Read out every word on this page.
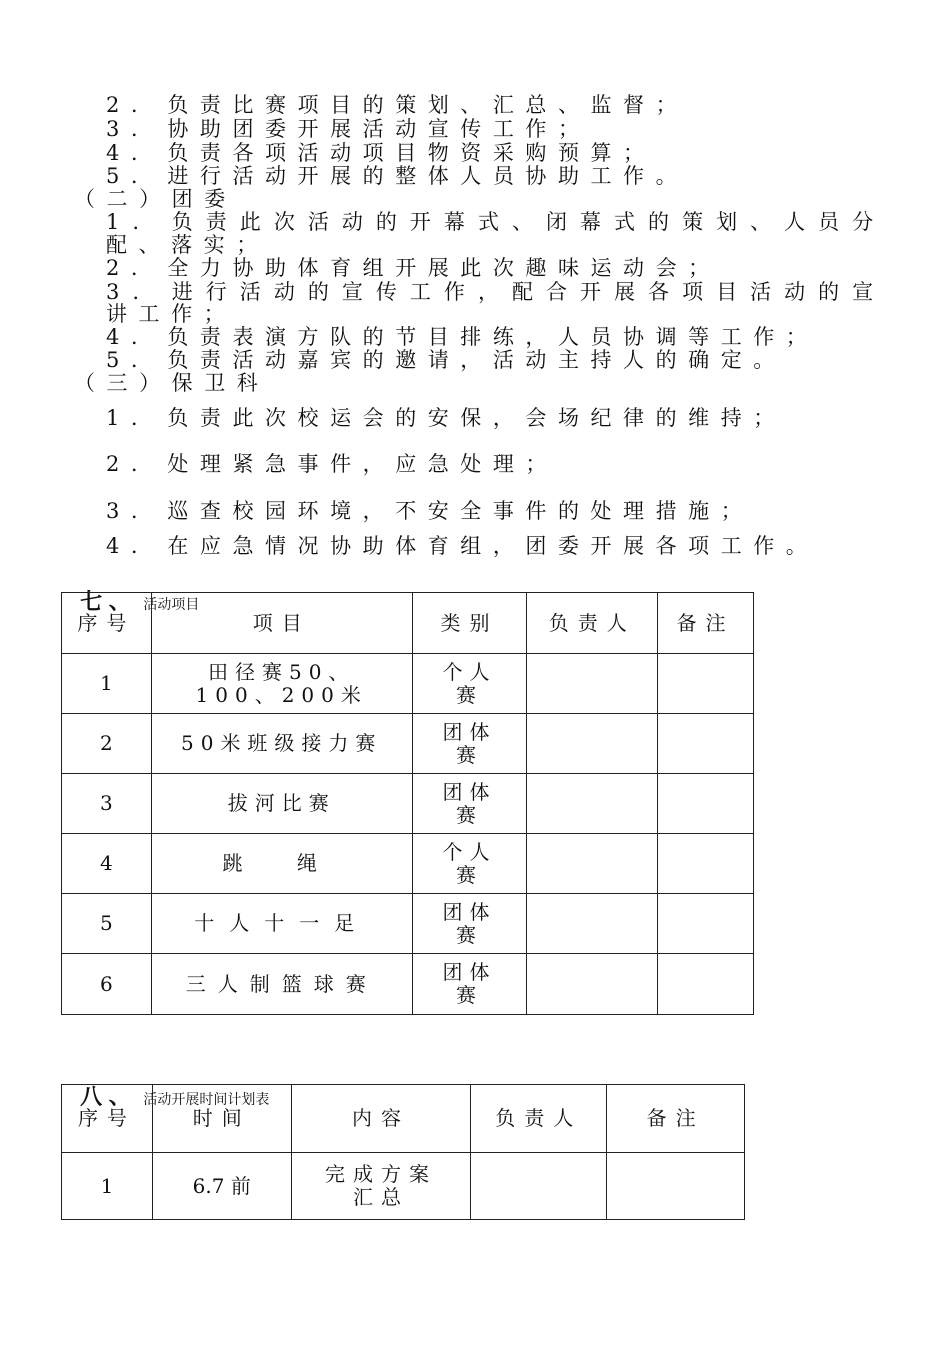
2. 负责比赛项目的策划、汇总、监督；
3. 协助团委开展活动宣传工作；
4. 负责各项活动项目物资采购预算；
5. 进行活动开展的整体人员协助工作。
（二）团委
1. 负责此次活动的开幕式、闭幕式的策划、人员分
配、落实；
2. 全力协助体育组开展此次趣味运动会；
3. 进行活动的宣传工作，配合开展各项目活动的宣
讲工作；
4. 负责表演方队的节目排练，人员协调等工作；
5. 负责活动嘉宾的邀请，活动主持人的确定。
（三）保卫科
1. 负责此次校运会的安保，会场纪律的维持；
2. 处理紧急事件，应急处理；
3. 巡查校园环境，不安全事件的处理措施；
4. 在应急情况协助体育组，团委开展各项工作。

七、 活动项目

序号	项目	类别	负责人	备注
1	田径赛50、100、200米	个人赛		
2	50米班级接力赛	团体赛		
3	拔河比赛	团体赛		
4	跳 绳	个人赛		
5	十人十一足	团体赛		
6	三人制篮球赛	团体赛		

八、 活动开展时间计划表

序号	时间	内容	负责人	备注
1	6.7 前	完成方案汇总		
